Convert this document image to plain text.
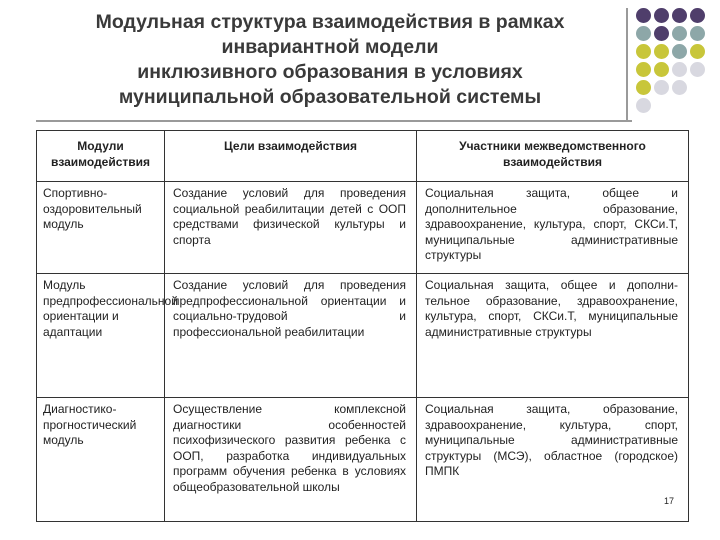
Модульная структура взаимодействия в рамках
инвариантной модели
инклюзивного образования в условиях
муниципальной образовательной системы
Модули взаимодействия	Цели взаимодействия	Участники межведомственного взаимодействия
Спортивно-оздоровительный модуль	Создание условий для проведения социальной реабилитации детей с ООП средствами физической культуры и спорта	Социальная защита, общее и дополнительное образование, здравоохранение, культура, спорт, СКСи.Т, муниципальные административные структуры
Модуль предпрофессиональной ориентации и адаптации	Создание условий для проведения предпрофессиональной ориентации и социально-трудовой и профессиональной реабилитации	Социальная защита, общее и дополни-тельное образование, здравоохранение, культура, спорт, СКСи.Т, муниципальные административные структуры
Диагностико-прогностический модуль	Осуществление комплексной диагностики особенностей психофизического развития ребенка с ООП, разработка индивидуальных программ обучения ребенка в условиях общеобразовательной школы	Социальная защита, образование, здравоохранение, культура, спорт, муниципальные административные структуры (МСЭ), областное (городское) ПМПК
17
